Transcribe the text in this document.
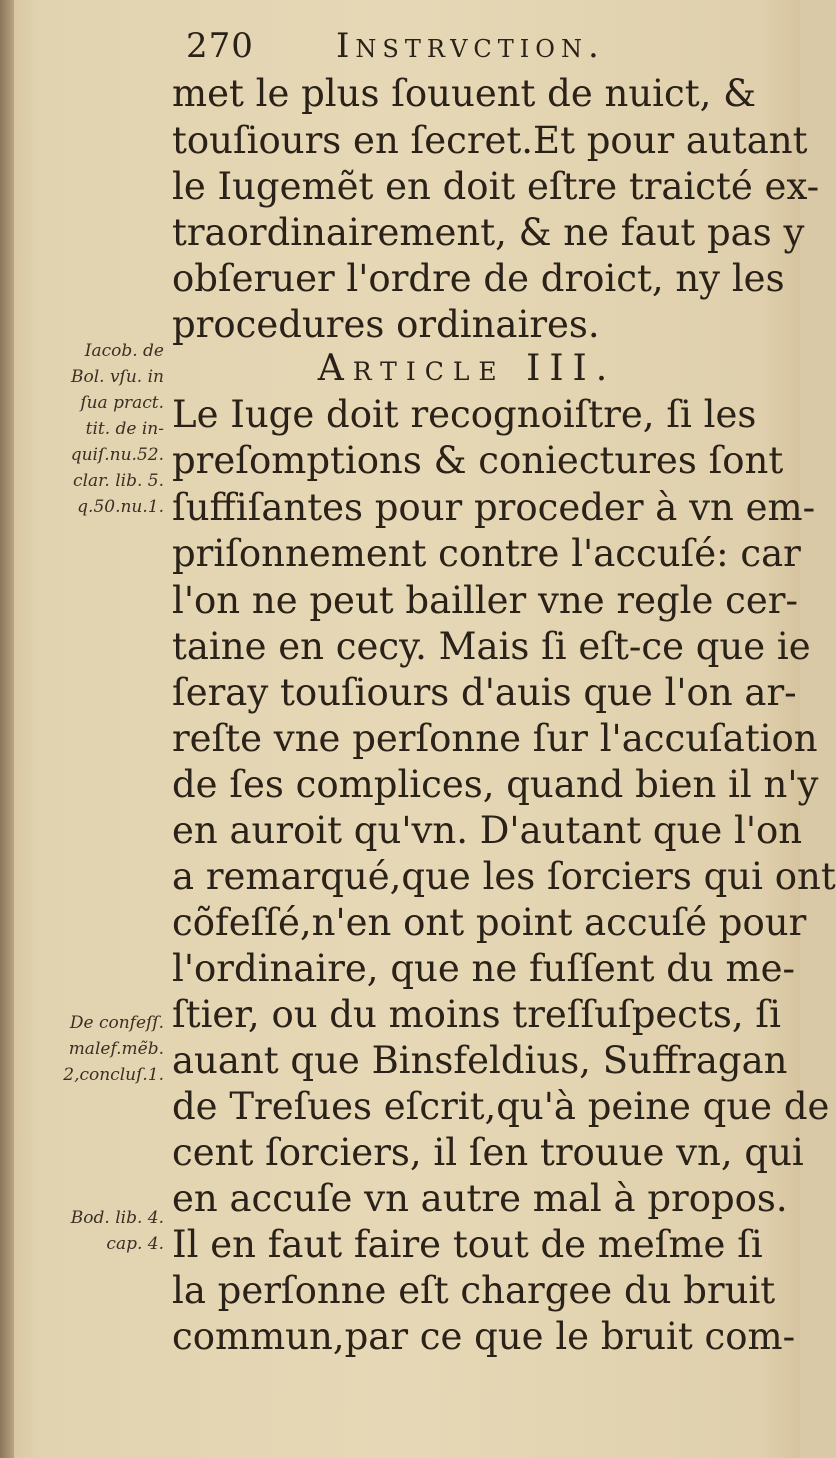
270 Instrvction.
met le plus ſouuent de nuict, &
touſiours en ſecret.Et pour autant
le Iugemẽt en doit eſtre traicté ex-
traordinairement, & ne faut pas y
obſeruer l'ordre de droict, ny les
procedures ordinaires.
Article III.
Le Iuge doit recognoiſtre, ſi les
preſomptions & coniectures ſont
ſuffiſantes pour proceder à vn em-
priſonnement contre l'accuſé: car
l'on ne peut bailler vne regle cer-
taine en cecy. Mais ſi eſt-ce que ie
ſeray touſiours d'auis que l'on ar-
reſte vne perſonne ſur l'accuſation
de ſes complices, quand bien il n'y
en auroit qu'vn. D'autant que l'on
a remarqué,que les ſorciers qui ont
cõfeſſé,n'en ont point accuſé pour
l'ordinaire, que ne fuſſent du me-
ſtier, ou du moins treſſuſpects, ſi
auant que Binsfeldius, Suffragan
de Treſues eſcrit,qu'à peine que de
cent ſorciers, il ſen trouue vn, qui
en accuſe vn autre mal à propos.
Il en faut faire tout de meſme ſi
la perſonne eſt chargee du bruit
commun,par ce que le bruit com-
Iacob. de
Bol. vſu. in
ſua pract.
tit. de in-
quiſ.nu.52.
clar. lib. 5.
q.50.nu.1.
De confeſſ.
malef.mẽb.
2,concluſ.1.
Bod. lib. 4.
cap. 4.
